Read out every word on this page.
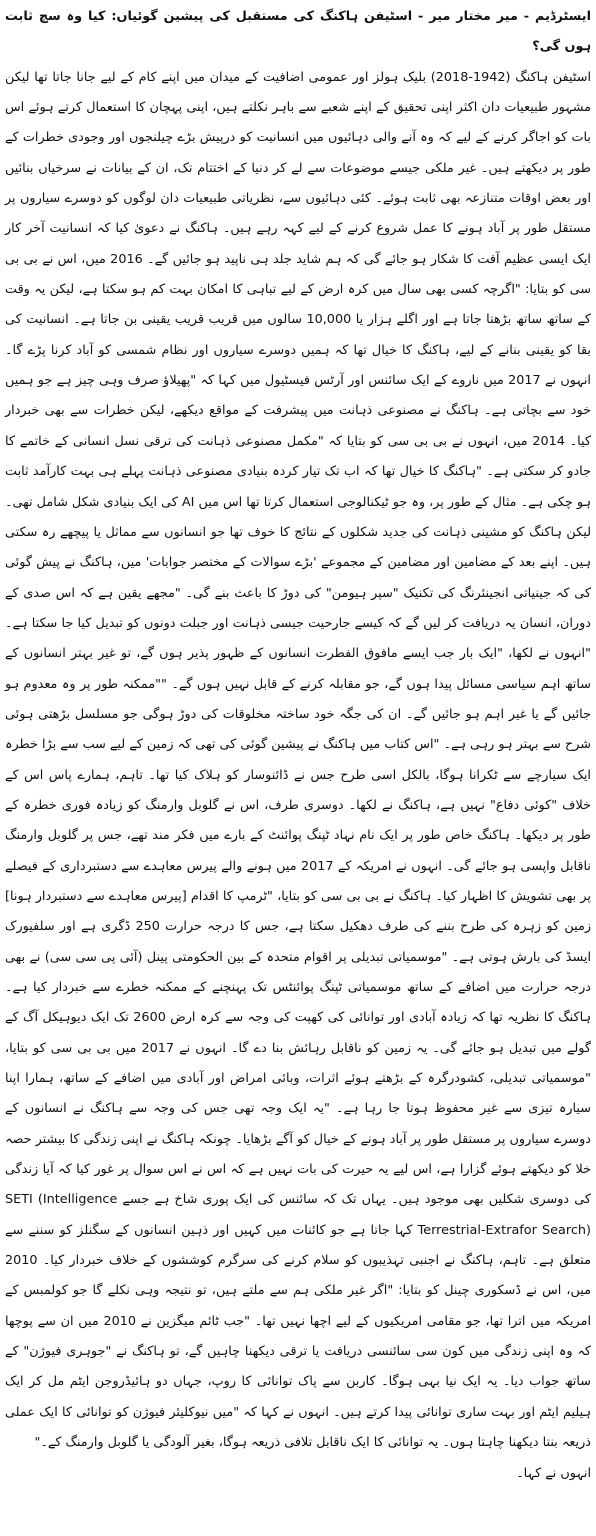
ایسٹرڈیم - میر مختار میر - اسٹیفن ہاکنگ کی مستقبل کی پیشین گوئیاں: کیا وہ سچ ثابت ہوں گی؟

اسٹیفن ہاکنگ (1942-2018) بلیک ہولز اور عمومی اضافیت کے میدان میں اپنے کام کے لیے جانا جاتا تھا لیکن مشہور طبیعیات دان اکثر اپنی تحقیق کے اپنے شعبے سے باہر نکلتے ہیں، اپنی پہچان کا استعمال کرتے ہوئے اس بات کو اجاگر کرنے کے لیے کہ وہ آنے والی دہائیوں میں انسانیت کو درپیش بڑے چیلنجوں اور وجودی خطرات کے طور پر دیکھتے ہیں۔ غیر ملکی جیسے موضوعات سے لے کر دنیا کے اختتام تک، ان کے بیانات نے سرخیاں بنائیں اور بعض اوقات متنازعہ بھی ثابت ہوئے۔ کئی دہائیوں سے، نظریاتی طبیعیات دان لوگوں کو دوسرے سیاروں پر مستقل طور پر آباد ہونے کا عمل شروع کرنے کے لیے کہہ رہے ہیں۔ ہاکنگ نے دعویٰ کیا کہ انسانیت آخر کار ایک ایسی عظیم آفت کا شکار ہو جائے گی کہ ہم شاید جلد ہی ناپید ہو جائیں گے۔ 2016 میں، اس نے بی بی سی کو بتایا: "اگرچہ کسی بھی سال میں کرہ ارض کے لیے تباہی کا امکان بہت کم ہو سکتا ہے، لیکن یہ وقت کے ساتھ ساتھ بڑھتا جاتا ہے اور اگلے ہزار یا 10,000 سالوں میں قریب قریب یقینی بن جاتا ہے۔ انسانیت کی بقا کو یقینی بنانے کے لیے، ہاکنگ کا خیال تھا کہ ہمیں دوسرے سیاروں اور نظام شمسی کو آباد کرنا پڑے گا۔ انہوں نے 2017 میں ناروے کے ایک سائنس اور آرٹس فیسٹیول میں کہا کہ "پھیلاؤ صرف وہی چیز ہے جو ہمیں خود سے بچاتی ہے۔ ہاکنگ نے مصنوعی ذہانت میں پیشرفت کے مواقع دیکھے، لیکن خطرات سے بھی خبردار کیا۔ 2014 میں، انہوں نے بی بی سی کو بتایا کہ "مکمل مصنوعی ذہانت کی ترقی نسل انسانی کے خاتمے کا جادو کر سکتی ہے۔ "ہاکنگ کا خیال تھا کہ اب تک تیار کردہ بنیادی مصنوعی ذہانت پہلے ہی بہت کارآمد ثابت ہو چکی ہے۔ مثال کے طور پر، وہ جو ٹیکنالوجی استعمال کرتا تھا اس میں AI کی ایک بنیادی شکل شامل تھی۔ لیکن ہاکنگ کو مشینی ذہانت کی جدید شکلوں کے نتائج کا خوف تھا جو انسانوں سے مماثل یا پیچھے رہ سکتی ہیں۔ اپنے بعد کے مضامین اور مضامین کے مجموعے 'بڑے سوالات کے مختصر جوابات' میں، ہاکنگ نے پیش گوئی کی کہ جینیاتی انجینئرنگ کی تکنیک "سپر ہیومن" کی دوڑ کا باعث بنے گی۔ "مجھے یقین ہے کہ اس صدی کے دوران، انسان یہ دریافت کر لیں گے کہ کیسے جارحیت جیسی ذہانت اور جبلت دونوں کو تبدیل کیا جا سکتا ہے۔ "انہوں نے لکھا، "ایک بار جب ایسے مافوق الفطرت انسانوں کے ظہور پذیر ہوں گے، تو غیر بہتر انسانوں کے ساتھ اہم سیاسی مسائل پیدا ہوں گے، جو مقابلہ کرنے کے قابل نہیں ہوں گے۔ ""ممکنہ طور پر وہ معدوم ہو جائیں گے یا غیر اہم ہو جائیں گے۔ ان کی جگہ خود ساختہ مخلوقات کی دوڑ ہوگی جو مسلسل بڑھتی ہوئی شرح سے بہتر ہو رہی ہے۔ "اس کتاب میں ہاکنگ نے پیشین گوئی کی تھی کہ زمین کے لیے سب سے بڑا خطرہ ایک سیارچے سے ٹکرانا ہوگا، بالکل اسی طرح جس نے ڈائنوسار کو ہلاک کیا تھا۔ تاہم، ہمارے پاس اس کے خلاف "کوئی دفاع" نہیں ہے، ہاکنگ نے لکھا۔ دوسری طرف، اس نے گلوبل وارمنگ کو زیادہ فوری خطرہ کے طور پر دیکھا۔ ہاکنگ خاص طور پر ایک نام نہاد ٹپنگ پوائنٹ کے بارے میں فکر مند تھے، جس پر گلوبل وارمنگ ناقابل واپسی ہو جائے گی۔ انہوں نے امریکہ کے 2017 میں ہونے والے پیرس معاہدے سے دستبرداری کے فیصلے پر بھی تشویش کا اظہار کیا۔ ہاکنگ نے بی بی سی کو بتایا، "ٹرمپ کا اقدام [پیرس معاہدے سے دستبردار ہونا] زمین کو زہرہ کی طرح بننے کی طرف دھکیل سکتا ہے، جس کا درجہ حرارت 250 ڈگری ہے اور سلفیورک ایسڈ کی بارش ہوتی ہے۔ "موسمیاتی تبدیلی پر اقوام متحدہ کے بین الحکومتی پینل (آئی پی سی سی) نے بھی درجہ حرارت میں اضافے کے ساتھ موسمیاتی ٹپنگ پوائنٹس تک پہنچنے کے ممکنہ خطرے سے خبردار کیا ہے۔ ہاکنگ کا نظریہ تھا کہ زیادہ آبادی اور توانائی کی کھپت کی وجہ سے کرہ ارض 2600 تک ایک دیوہیکل آگ کے گولے میں تبدیل ہو جائے گی۔ یہ زمین کو ناقابل رہائش بنا دے گا۔ انہوں نے 2017 میں بی بی سی کو بتایا، "موسمیاتی تبدیلی، کشودرگرہ کے بڑھتے ہوئے اثرات، وبائی امراض اور آبادی میں اضافے کے ساتھ، ہمارا اپنا سیارہ تیزی سے غیر محفوظ ہوتا جا رہا ہے۔ "یہ ایک وجہ تھی جس کی وجہ سے ہاکنگ نے انسانوں کے دوسرے سیاروں پر مستقل طور پر آباد ہونے کے خیال کو آگے بڑھایا۔ چونکہ ہاکنگ نے اپنی زندگی کا بیشتر حصہ خلا کو دیکھتے ہوئے گزارا ہے، اس لیے یہ حیرت کی بات نہیں ہے کہ اس نے اس سوال پر غور کیا کہ آیا زندگی کی دوسری شکلیں بھی موجود ہیں۔ یہاں تک کہ سائنس کی ایک پوری شاخ ہے جسے SETI (Intelligence Terrestrial-Extrafor Search) کہا جاتا ہے جو کائنات میں کہیں اور ذہین انسانوں کے سگنلز کو سننے سے متعلق ہے۔ تاہم، ہاکنگ نے اجنبی تہذیبوں کو سلام کرنے کی سرگرم کوششوں کے خلاف خبردار کیا۔ 2010 میں، اس نے ڈسکوری چینل کو بتایا: "اگر غیر ملکی ہم سے ملتے ہیں، تو نتیجہ وہی نکلے گا جو کولمبس کے امریکہ میں اترا تھا، جو مقامی امریکیوں کے لیے اچھا نہیں تھا۔ "جب ٹائم میگزین نے 2010 میں ان سے پوچھا کہ وہ اپنی زندگی میں کون سی سائنسی دریافت یا ترقی دیکھنا چاہیں گے، تو ہاکنگ نے "جوہری فیوژن" کے ساتھ جواب دیا۔ یہ ایک نیا بہی ہوگا۔ کاربن سے پاک توانائی کا روپ، جہاں دو ہائیڈروجن ایٹم مل کر ایک ہیلیم ایٹم اور بہت ساری توانائی پیدا کرتے ہیں۔ انہوں نے کہا کہ "میں نیوکلیئر فیوژن کو توانائی کا ایک عملی ذریعہ بنتا دیکھنا چاہتا ہوں۔ یہ توانائی کا ایک ناقابل تلافی ذریعہ ہوگا، بغیر آلودگی یا گلوبل وارمنگ کے۔"

انہوں نے کہا۔
